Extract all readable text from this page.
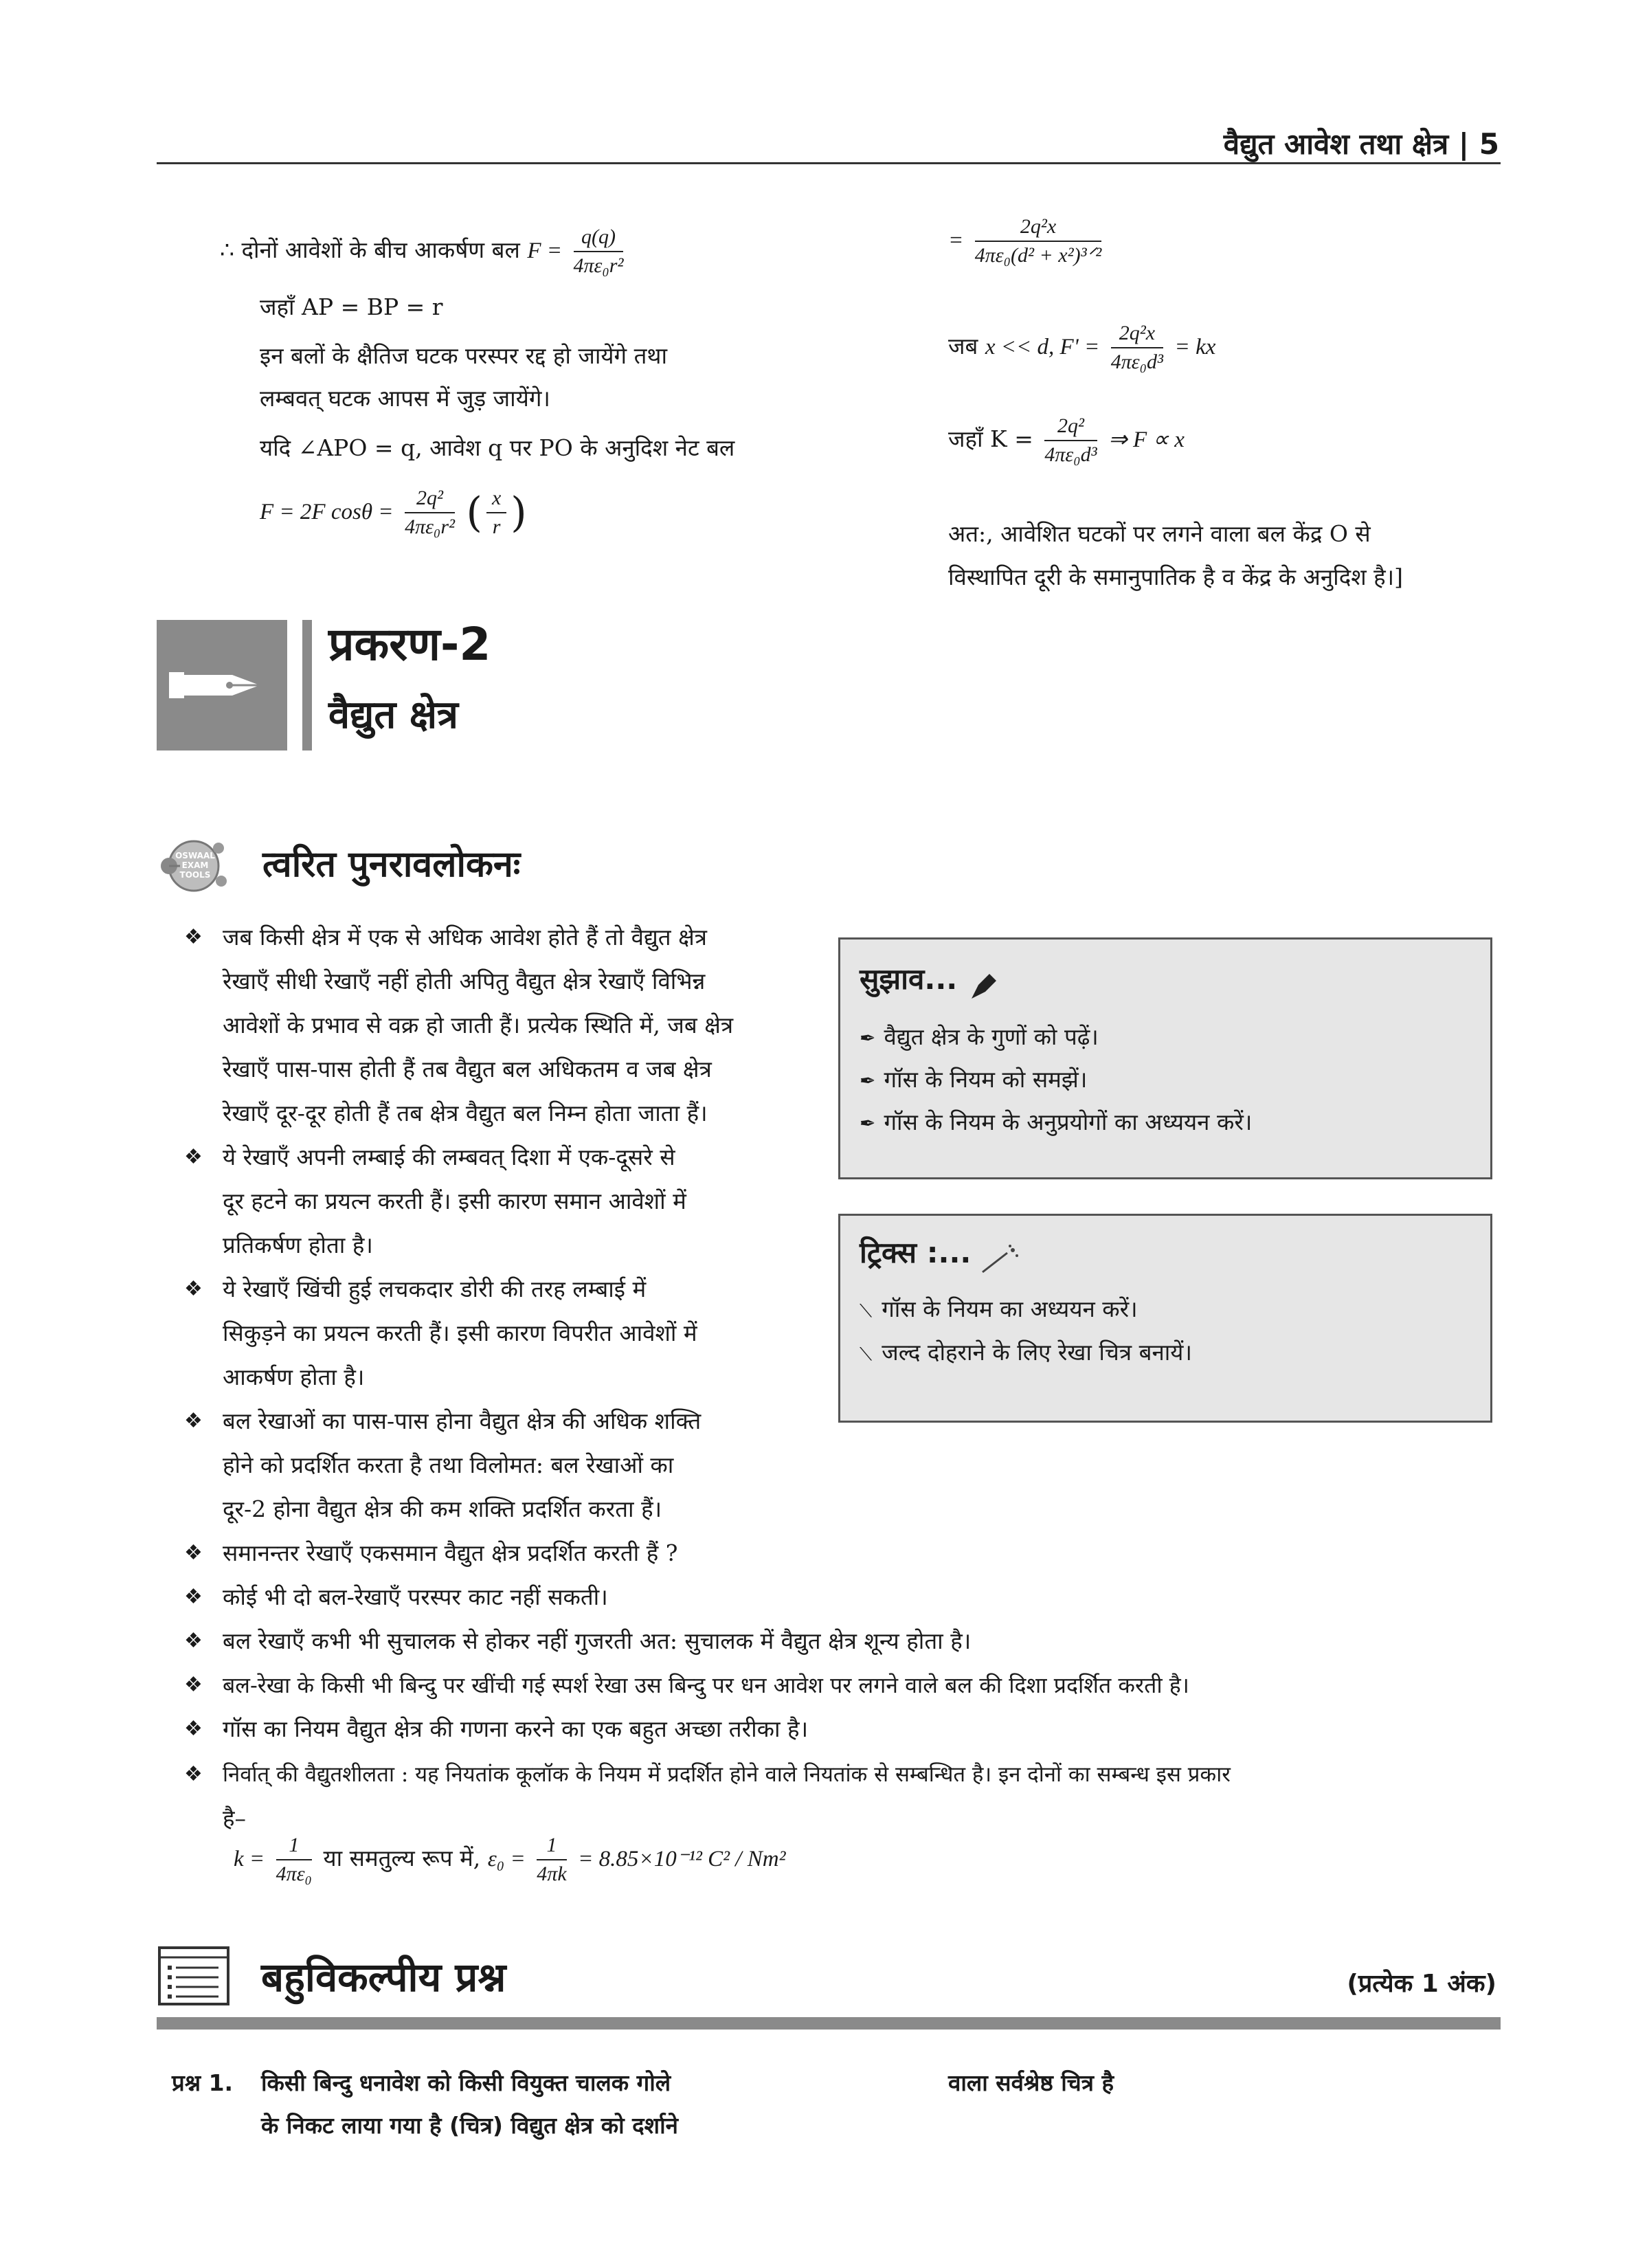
वैद्युत आवेश तथा क्षेत्र | 5
∴ दोनों आवेशों के बीच आकर्षण बल $F = \frac{q(q)}{\text{4πε₀r²}}$
जहाँ AP = BP = r
इन बलों के क्षैतिज घटक परस्पर रद्द हो जायेंगे तथा
लम्बवत् घटक आपस में जुड़ जायेंगे।
यदि ∠APO = q, आवेश q पर PO के अनुदिश नेट बल
F = 2F $\cos\theta = \frac{\text{2q²}}{\text{4πε₀r²}}$ ( $\frac{x}{r}$ )
= $\frac{\text{2q²x}}{\text{4πε₀(d² + x²)³ᐟ²}}$
जब x << d, $F' = \frac{\text{2q²x}}{\text{4πε₀d³}}$ = kx
जहाँ $K = \frac{\text{2q²}}{\text{4πε₀d³}}$ ⇒ F ∝ x
अत:, आवेशित घटकों पर लगने वाला बल केंद्र O से
विस्थापित दूरी के समानुपातिक है व केंद्र के अनुदिश है।]
प्रकरण-2
वैद्युत क्षेत्र
OSWAAL EXAM TOOLS	त्वरित पुनरावलोकनः
❖ जब किसी क्षेत्र में एक से अधिक आवेश होते हैं तो वैद्युत क्षेत्र
रेखाएँ सीधी रेखाएँ नहीं होती अपितु वैद्युत क्षेत्र रेखाएँ विभिन्न
आवेशों के प्रभाव से वक्र हो जाती हैं। प्रत्येक स्थिति में, जब क्षेत्र
रेखाएँ पास-पास होती हैं तब वैद्युत बल अधिकतम व जब क्षेत्र
रेखाएँ दूर-दूर होती हैं तब क्षेत्र वैद्युत बल निम्न होता जाता हैं।
❖ ये रेखाएँ अपनी लम्बाई की लम्बवत् दिशा में एक-दूसरे से
दूर हटने का प्रयत्न करती हैं। इसी कारण समान आवेशों में
प्रतिकर्षण होता है।
❖ ये रेखाएँ खिंची हुई लचकदार डोरी की तरह लम्बाई में
सिकुड़ने का प्रयत्न करती हैं। इसी कारण विपरीत आवेशों में
आकर्षण होता है।
❖ बल रेखाओं का पास-पास होना वैद्युत क्षेत्र की अधिक शक्ति
होने को प्रदर्शित करता है तथा विलोमत: बल रेखाओं का
दूर-2 होना वैद्युत क्षेत्र की कम शक्ति प्रदर्शित करता हैं।
❖ समानन्तर रेखाएँ एकसमान वैद्युत क्षेत्र प्रदर्शित करती हैं ?
❖ कोई भी दो बल-रेखाएँ परस्पर काट नहीं सकती।
❖ बल रेखाएँ कभी भी सुचालक से होकर नहीं गुजरती अत: सुचालक में वैद्युत क्षेत्र शून्य होता है।
❖ बल-रेखा के किसी भी बिन्दु पर खींची गई स्पर्श रेखा उस बिन्दु पर धन आवेश पर लगने वाले बल की दिशा प्रदर्शित करती है।
❖ गॉस का नियम वैद्युत क्षेत्र की गणना करने का एक बहुत अच्छा तरीका है।
❖ निर्वात् की वैद्युतशीलता : यह नियतांक कूलॉक के नियम में प्रदर्शित होने वाले नियतांक से सम्बन्धित है। इन दोनों का सम्बन्ध इस प्रकार
है–
$k = \frac{1}{\text{4πε₀}}$ या समतुल्य रूप में, $\varepsilon_0 = \frac{1}{4\pi k} = 8.85\times 10^{-12}$ C² / Nm²
सुझाव...
✒ वैद्युत क्षेत्र के गुणों को पढ़ें।
✒ गॉस के नियम को समझें।
✒ गॉस के नियम के अनुप्रयोगों का अध्ययन करें।
ट्रिक्स :...
⟍ गॉस के नियम का अध्ययन करें।
⟍ जल्द दोहराने के लिए रेखा चित्र बनायें।
बहुविकल्पीय प्रश्न	(प्रत्येक 1 अंक)
प्रश्न 1. किसी बिन्दु धनावेश को किसी वियुक्त चालक गोले
के निकट लाया गया है (चित्र) विद्युत क्षेत्र को दर्शाने
वाला सर्वश्रेष्ठ चित्र है
